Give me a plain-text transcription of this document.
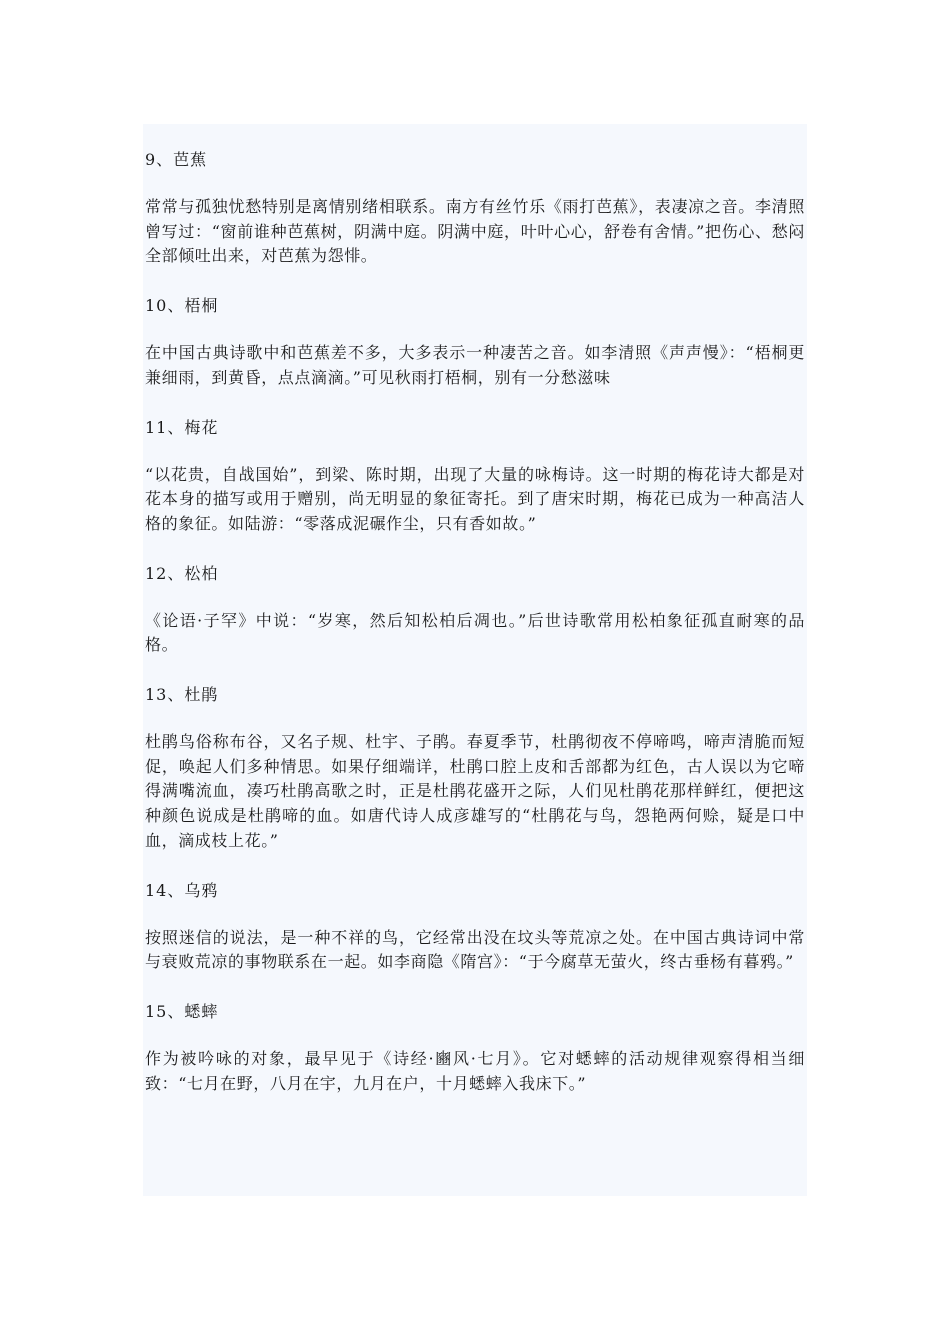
9、芭蕉
常常与孤独忧愁特别是离情别绪相联系。南方有丝竹乐《雨打芭蕉》，表凄凉之音。李清照曾写过：“窗前谁种芭蕉树，阴满中庭。阴满中庭，叶叶心心，舒卷有舍情。”把伤心、愁闷全部倾吐出来，对芭蕉为怨悱。
10、梧桐
在中国古典诗歌中和芭蕉差不多，大多表示一种凄苦之音。如李清照《声声慢》：“梧桐更兼细雨，到黄昏，点点滴滴。”可见秋雨打梧桐，别有一分愁滋味
11、梅花
“以花贵，自战国始”，到梁、陈时期，出现了大量的咏梅诗。这一时期的梅花诗大都是对花本身的描写或用于赠别，尚无明显的象征寄托。到了唐宋时期，梅花已成为一种高洁人格的象征。如陆游：“零落成泥碾作尘，只有香如故。”
12、松柏
《论语·子罕》中说：“岁寒，然后知松柏后凋也。”后世诗歌常用松柏象征孤直耐寒的品格。
13、杜鹃
杜鹃鸟俗称布谷，又名子规、杜宇、子鹃。春夏季节，杜鹃彻夜不停啼鸣，啼声清脆而短促，唤起人们多种情思。如果仔细端详，杜鹃口腔上皮和舌部都为红色，古人误以为它啼得满嘴流血，凑巧杜鹃高歌之时，正是杜鹃花盛开之际，人们见杜鹃花那样鲜红，便把这种颜色说成是杜鹃啼的血。如唐代诗人成彦雄写的“杜鹃花与鸟，怨艳两何赊，疑是口中血，滴成枝上花。”
14、乌鸦
按照迷信的说法，是一种不祥的鸟，它经常出没在坟头等荒凉之处。在中国古典诗词中常与衰败荒凉的事物联系在一起。如李商隐《隋宫》：“于今腐草无萤火，终古垂杨有暮鸦。”
15、蟋蟀
作为被吟咏的对象，最早见于《诗经·豳风·七月》。它对蟋蟀的活动规律观察得相当细致：“七月在野，八月在宇，九月在户，十月蟋蟀入我床下。”
